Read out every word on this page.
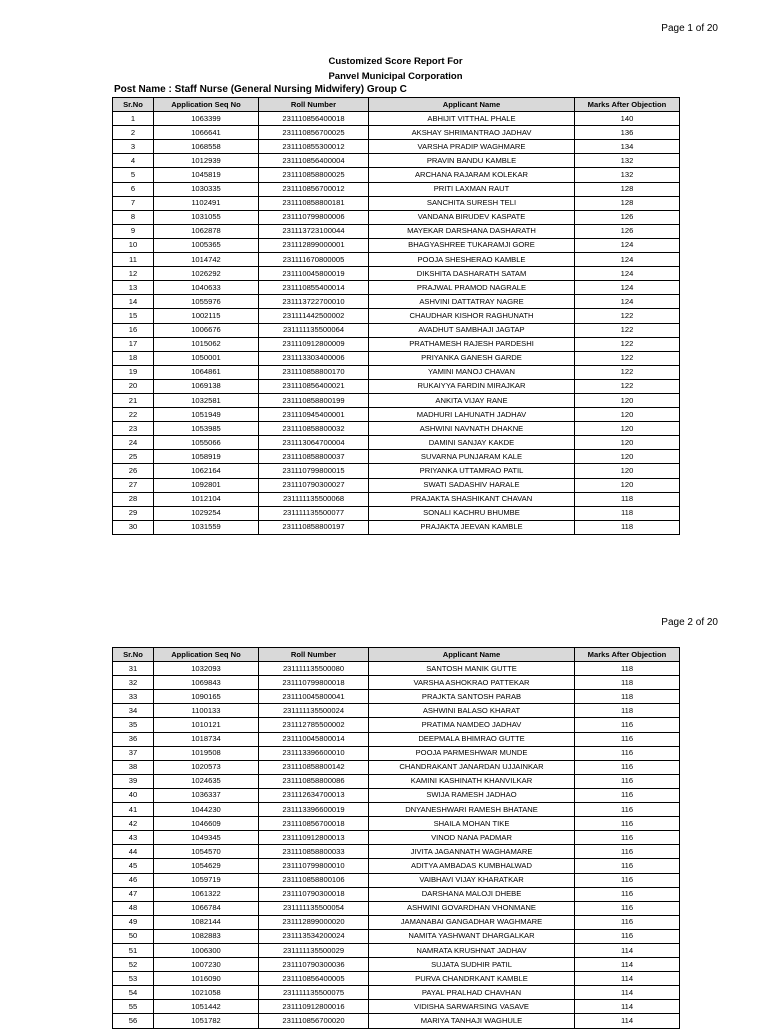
Page 1 of 20
Customized Score Report For
Panvel Municipal Corporation
Post Name : Staff Nurse (General Nursing Midwifery) Group C
Sr.No	Application Seq No	Roll Number	Applicant Name	Marks After Objection
1	1063399	231110856400018	ABHIJIT VITTHAL PHALE	140
2	1066641	231110856700025	AKSHAY SHRIMANTRAO JADHAV	136
3	1068558	231110855300012	VARSHA PRADIP WAGHMARE	134
4	1012939	231110856400004	PRAVIN BANDU KAMBLE	132
5	1045819	231110858800025	ARCHANA RAJARAM KOLEKAR	132
6	1030335	231110856700012	PRITI LAXMAN RAUT	128
7	1102491	231110858800181	SANCHITA SURESH TELI	128
8	1031055	231110799800006	VANDANA BIRUDEV KASPATE	126
9	1062878	231113723100044	MAYEKAR DARSHANA DASHARATH	126
10	1005365	231112899000001	BHAGYASHREE TUKARAMJI GORE	124
11	1014742	231111670800005	POOJA SHESHERAO KAMBLE	124
12	1026292	231110045800019	DIKSHITA DASHARATH SATAM	124
13	1040633	231110855400014	PRAJWAL PRAMOD NAGRALE	124
14	1055976	231113722700010	ASHVINI DATTATRAY NAGRE	124
15	1002115	231111442500002	CHAUDHAR KISHOR RAGHUNATH	122
16	1006676	231111135500064	AVADHUT SAMBHAJI JAGTAP	122
17	1015062	231110912800009	PRATHAMESH RAJESH PARDESHI	122
18	1050001	231113303400006	PRIYANKA GANESH GARDE	122
19	1064861	231110858800170	YAMINI MANOJ CHAVAN	122
20	1069138	231110856400021	RUKAIYYA FARDIN MIRAJKAR	122
21	1032581	231110858800199	ANKITA VIJAY RANE	120
22	1051949	231110945400001	MADHURI LAHUNATH JADHAV	120
23	1053985	231110858800032	ASHWINI NAVNATH DHAKNE	120
24	1055066	231113064700004	DAMINI SANJAY KAKDE	120
25	1058919	231110858800037	SUVARNA PUNJARAM KALE	120
26	1062164	231110799800015	PRIYANKA UTTAMRAO PATIL	120
27	1092801	231110790300027	SWATI SADASHIV HARALE	120
28	1012104	231111135500068	PRAJAKTA SHASHIKANT CHAVAN	118
29	1029254	231111135500077	SONALI KACHRU BHUMBE	118
30	1031559	231110858800197	PRAJAKTA JEEVAN KAMBLE	118
Page 2 of 20
Sr.No	Application Seq No	Roll Number	Applicant Name	Marks After Objection
31	1032093	231111135500080	SANTOSH MANIK GUTTE	118
32	1069843	231110799800018	VARSHA ASHOKRAO PATTEKAR	118
33	1090165	231110045800041	PRAJKTA SANTOSH PARAB	118
34	1100133	231111135500024	ASHWINI BALASO KHARAT	118
35	1010121	231112785500002	PRATIMA NAMDEO JADHAV	116
36	1018734	231110045800014	DEEPMALA BHIMRAO GUTTE	116
37	1019508	231113396600010	POOJA PARMESHWAR MUNDE	116
38	1020573	231110858800142	CHANDRAKANT JANARDAN UJJAINKAR	116
39	1024635	231110858800086	KAMINI KASHINATH KHANVILKAR	116
40	1036337	231112634700013	SWIJA RAMESH JADHAO	116
41	1044230	231113396600019	DNYANESHWARI RAMESH BHATANE	116
42	1046609	231110856700018	SHAILA MOHAN TIKE	116
43	1049345	231110912800013	VINOD NANA PADMAR	116
44	1054570	231110858800033	JIVITA JAGANNATH WAGHAMARE	116
45	1054629	231110799800010	ADITYA AMBADAS KUMBHALWAD	116
46	1059719	231110858800106	VAIBHAVI VIJAY KHARATKAR	116
47	1061322	231110790300018	DARSHANA MALOJI DHEBE	116
48	1066784	231111135500054	ASHWINI GOVARDHAN VHONMANE	116
49	1082144	231112899000020	JAMANABAI GANGADHAR WAGHMARE	116
50	1082883	231113534200024	NAMITA YASHWANT DHARGALKAR	116
51	1006300	231111135500029	NAMRATA KRUSHNAT JADHAV	114
52	1007230	231110790300036	SUJATA SUDHIR PATIL	114
53	1016090	231110856400005	PURVA CHANDRKANT KAMBLE	114
54	1021058	231111135500075	PAYAL PRALHAD CHAVHAN	114
55	1051442	231110912800016	VIDISHA SARWARSING VASAVE	114
56	1051782	231110856700020	MARIYA TANHAJI WAGHULE	114
